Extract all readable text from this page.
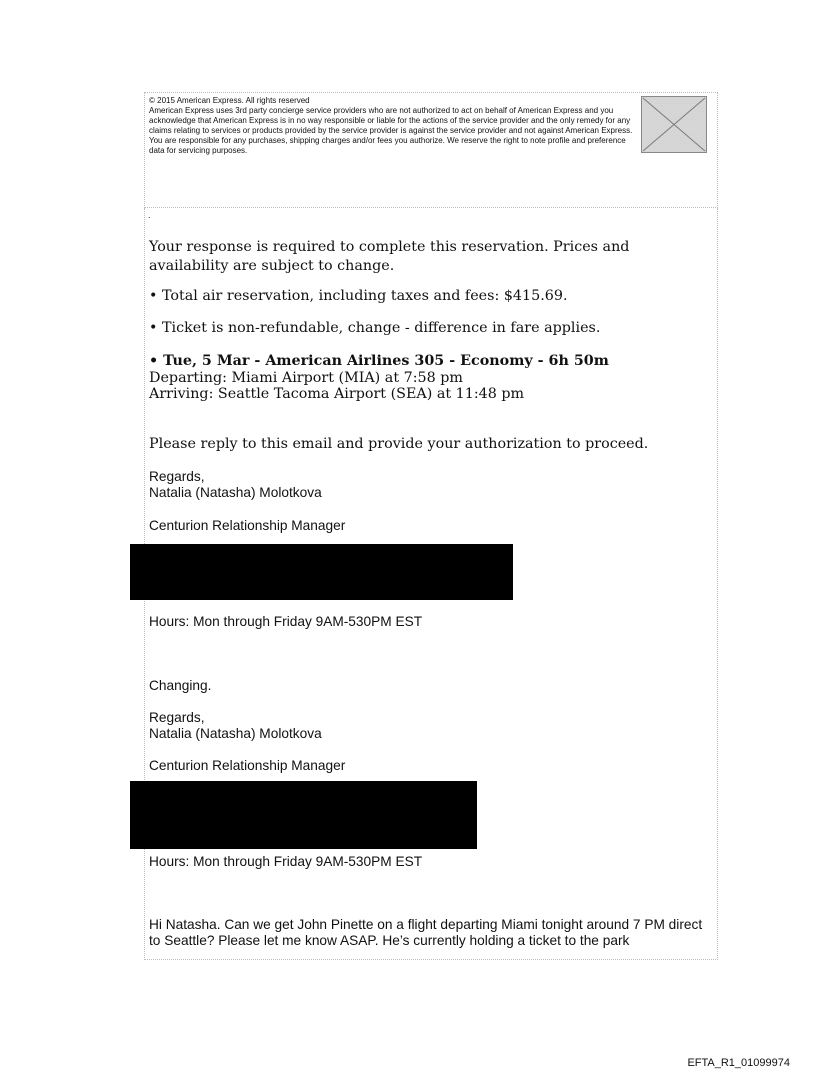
© 2015 American Express. All rights reserved

American Express uses 3rd party concierge service providers who are not authorized to act on behalf of American Express and you acknowledge that American Express is in no way responsible or liable for the actions of the service provider and the only remedy for any claims relating to services or products provided by the service provider is against the service provider and not against American Express. You are responsible for any purchases, shipping charges and/or fees you authorize. We reserve the right to note profile and preference data for servicing purposes.

.

Your response is required to complete this reservation. Prices and availability are subject to change.

• Total air reservation, including taxes and fees: $415.69.

• Ticket is non-refundable, change - difference in fare applies.

• Tue, 5 Mar - American Airlines 305 - Economy - 6h 50m

Departing: Miami Airport (MIA) at 7:58 pm

Arriving: Seattle Tacoma Airport (SEA) at 11:48 pm

Please reply to this email and provide your authorization to proceed.

Regards,

Natalia (Natasha) Molotkova

Centurion Relationship Manager

Hours: Mon through Friday 9AM-530PM EST

Changing.

Regards,

Natalia (Natasha) Molotkova

Centurion Relationship Manager

Hours: Mon through Friday 9AM-530PM EST

Hi Natasha. Can we get John Pinette on a flight departing Miami tonight around 7 PM direct to Seattle? Please let me know ASAP. He’s currently holding a ticket to the park

EFTA_R1_01099974
